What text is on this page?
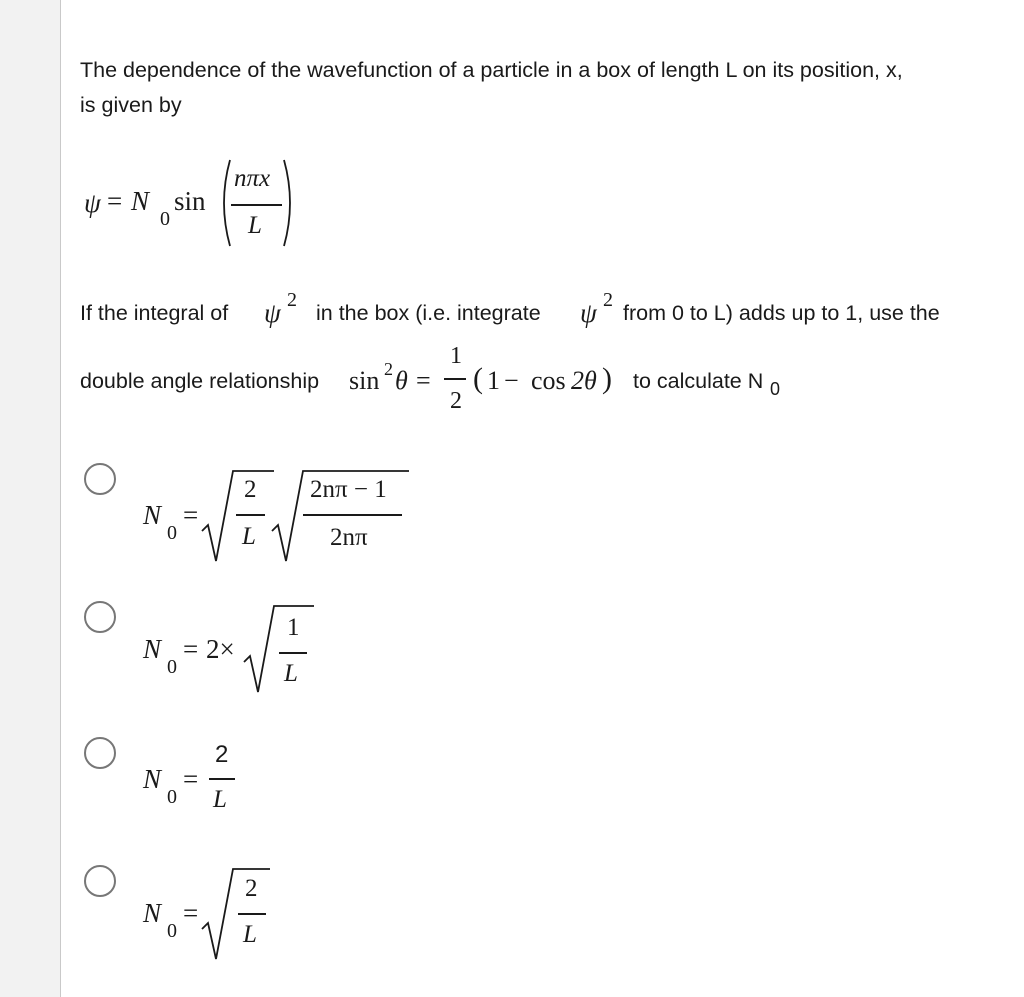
The dependence of the wavefunction of a particle in a box of length L on its position, x,
is given by
ψ = N
0
sin
nπx
L
If the integral of ψ 2
in the box (i.e. integrate ψ 2
from 0 to L) adds up to 1, use the
double angle relationship sin 2 θ =
1
2
( 1 − cos 2θ ) to calculate N 0
N
0
=
2
L
2nπ − 1
2nπ
N
0
= 2×
1
L
N
0
=
2
L
N
0
=
2
L
